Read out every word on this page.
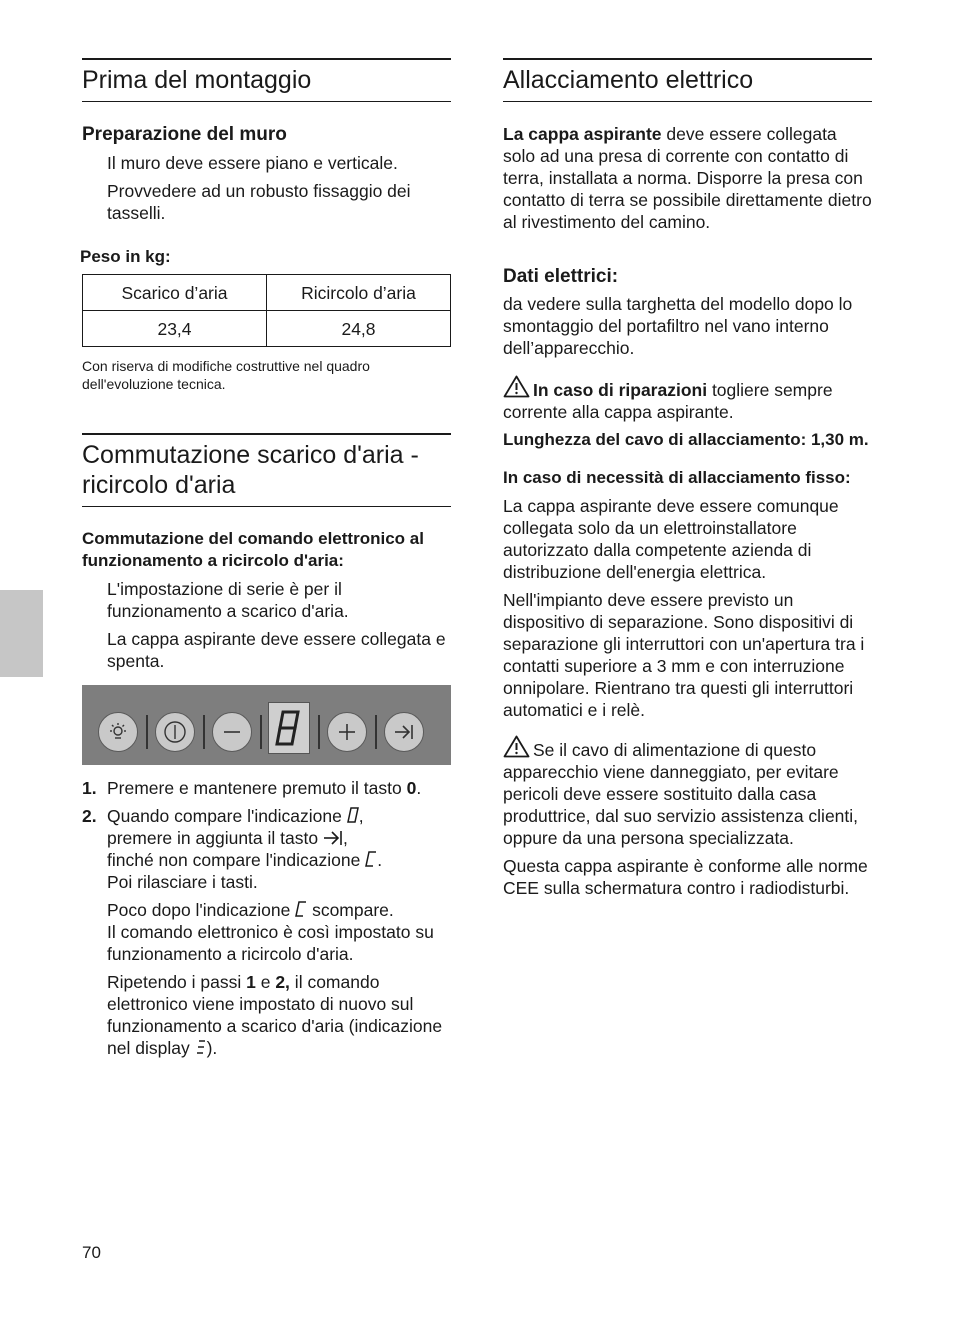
Prima del montaggio
Preparazione del muro

Il muro deve essere piano e verticale.

Provvedere ad un robusto fissaggio dei tasselli.

Peso in kg:

Scarico d’aria	Ricircolo d’aria
23,4	24,8

Con riserva di modifiche costruttive nel quadro dell'evoluzione tecnica.

Commutazione scarico d'aria - ricircolo d'aria

Commutazione del comando elettronico al funzionamento a ricircolo d'aria:

L'impostazione di serie è per il funzionamento a scarico d'aria.

La cappa aspirante deve essere collegata e spenta.

1. Premere e mantenere premuto il tasto 0.
2. Quando compare l'indicazione ,
premere in aggiunta il tasto ,
finché non compare l'indicazione .
Poi rilasciare i tasti.

Poco dopo l'indicazione  scompare.
Il comando elettronico è così impostato su funzionamento a ricircolo d'aria.

Ripetendo i passi 1 e 2, il comando elettronico viene impostato di nuovo sul funzionamento a scarico d'aria (indicazione nel display ).

Allacciamento elettrico

La cappa aspirante deve essere collegata solo ad una presa di corrente con contatto di terra, installata a norma. Disporre la presa con contatto di terra se possibile direttamente dietro al rivestimento del camino.

Dati elettrici:

da vedere sulla targhetta del modello dopo lo smontaggio del portafiltro nel vano interno dell’apparecchio.

In caso di riparazioni togliere sempre corrente alla cappa aspirante.

Lunghezza del cavo di allacciamento: 1,30 m.

In caso di necessità di allacciamento fisso:

La cappa aspirante deve essere comunque collegata solo da un elettroinstallatore autorizzato dalla competente azienda di distribuzione dell'energia elettrica.

Nell'impianto deve essere previsto un dispositivo di separazione. Sono dispositivi di separazione gli interruttori con un'apertura tra i contatti superiore a 3 mm e con interruzione onnipolare. Rientrano tra questi gli interruttori automatici e i relè.

Se il cavo di alimentazione di questo apparecchio viene danneggiato, per evitare pericoli deve essere sostituito dalla casa produttrice, dal suo servizio assistenza clienti, oppure da una persona specializzata.

Questa cappa aspirante è conforme alle norme CEE sulla schermatura contro i radiodisturbi.

70
